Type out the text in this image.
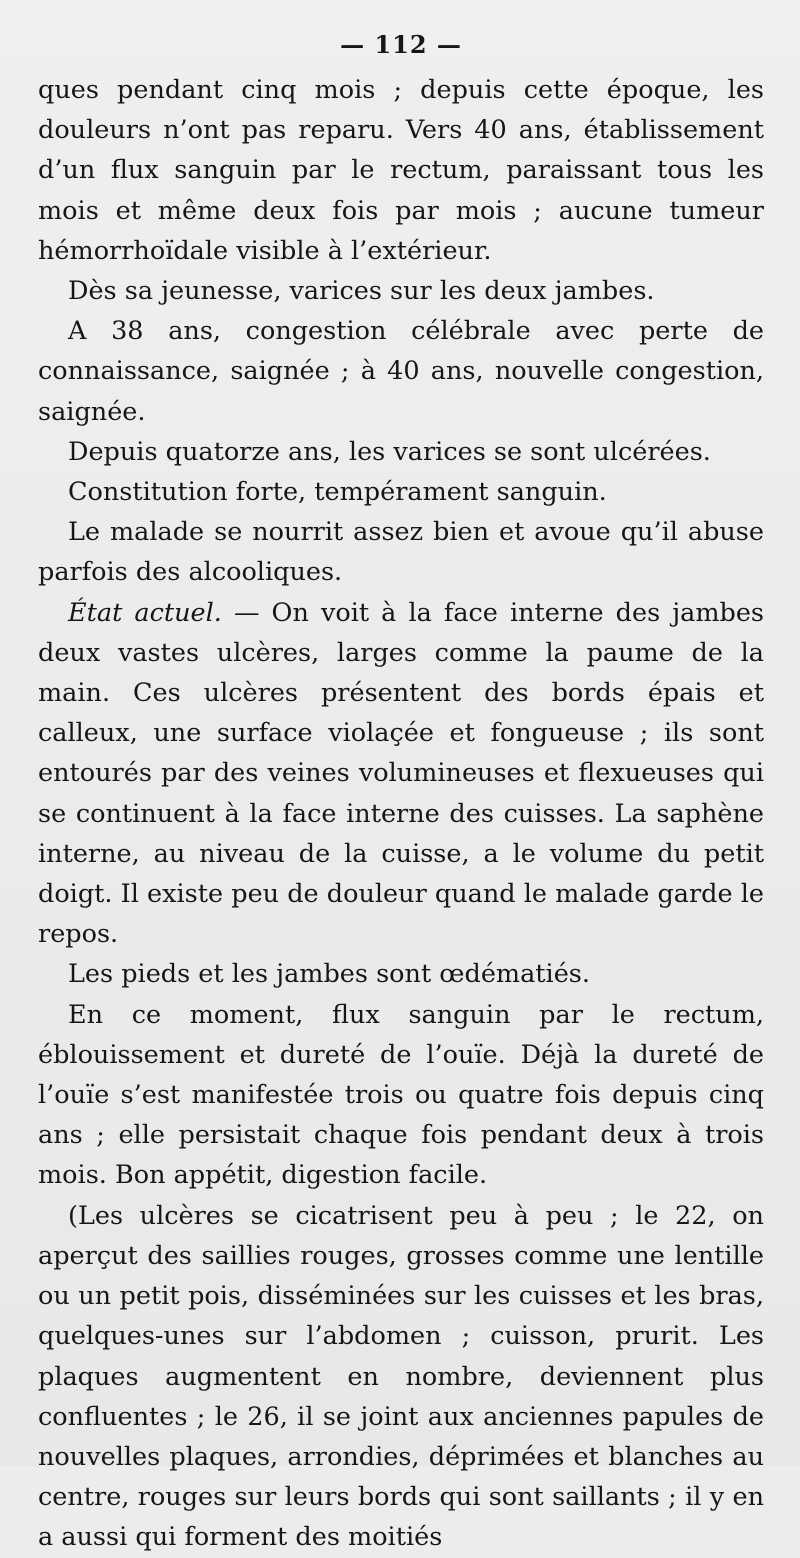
— 112 —

ques pendant cinq mois ; depuis cette époque, les douleurs n’ont pas reparu. Vers 40 ans, établissement d’un flux sanguin par le rectum, paraissant tous les mois et même deux fois par mois ; aucune tumeur hémorrhoïdale visible à l’extérieur.

Dès sa jeunesse, varices sur les deux jambes.

A 38 ans, congestion célébrale avec perte de connaissance, saignée ; à 40 ans, nouvelle congestion, saignée.

Depuis quatorze ans, les varices se sont ulcérées.

Constitution forte, tempérament sanguin.

Le malade se nourrit assez bien et avoue qu’il abuse parfois des alcooliques.

État actuel. — On voit à la face interne des jambes deux vastes ulcères, larges comme la paume de la main. Ces ulcères présentent des bords épais et calleux, une surface violaçée et fongueuse ; ils sont entourés par des veines volumineuses et flexueuses qui se continuent à la face interne des cuisses. La saphène interne, au niveau de la cuisse, a le volume du petit doigt. Il existe peu de douleur quand le malade garde le repos.

Les pieds et les jambes sont œdématiés.

En ce moment, flux sanguin par le rectum, éblouissement et dureté de l’ouïe. Déjà la dureté de l’ouïe s’est manifestée trois ou quatre fois depuis cinq ans ; elle persistait chaque fois pendant deux à trois mois. Bon appétit, digestion facile.

(Les ulcères se cicatrisent peu à peu ; le 22, on aperçut des saillies rouges, grosses comme une lentille ou un petit pois, disséminées sur les cuisses et les bras, quelques-unes sur l’abdomen ; cuisson, prurit. Les plaques augmentent en nombre, deviennent plus confluentes ; le 26, il se joint aux anciennes papules de nouvelles plaques, arrondies, déprimées et blanches au centre, rouges sur leurs bords qui sont saillants ; il y en a aussi qui forment des moitiés
